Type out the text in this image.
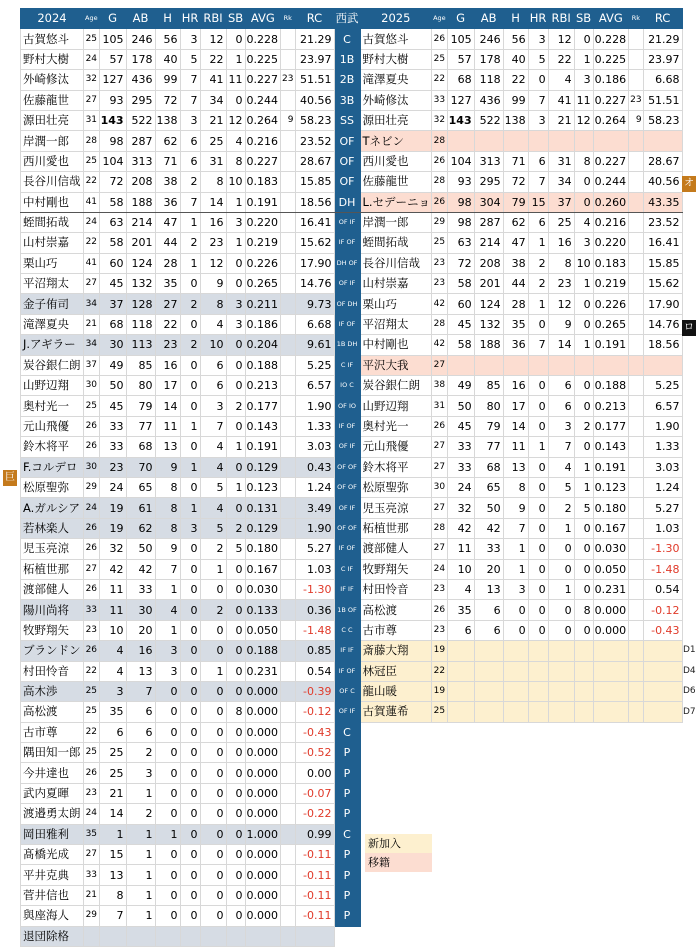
2024	Age	G	AB	H	HR	RBI	SB	AVG	Rk	RC	西武	2025	Age	G	AB	H	HR	RBI	SB	AVG	Rk	RC
古賀悠斗	25	105	246	56	3	12	0	0.228		21.29	C	古賀悠斗	26	105	246	56	3	12	0	0.228		21.29
野村大樹	24	57	178	40	5	22	1	0.225		23.97	1B	野村大樹	25	57	178	40	5	22	1	0.225		23.97
外崎修汰	32	127	436	99	7	41	11	0.227	23	51.51	2B	滝澤夏央	22	68	118	22	0	4	3	0.186		6.68
佐藤龍世	27	93	295	72	7	34	0	0.244		40.56	3B	外崎修汰	33	127	436	99	7	41	11	0.227	23	51.51
源田壮亮	31	143	522	138	3	21	12	0.264	9	58.23	SS	源田壮亮	32	143	522	138	3	21	12	0.264	9	58.23
岸潤一郎	28	98	287	62	6	25	4	0.216		23.52	OF	Tネビン	28									
西川愛也	25	104	313	71	6	31	8	0.227		28.67	OF	西川愛也	26	104	313	71	6	31	8	0.227		28.67
長谷川信哉	22	72	208	38	2	8	10	0.183		15.85	OF	佐藤龍世	28	93	295	72	7	34	0	0.244		40.56
中村剛也	41	58	188	36	7	14	1	0.191		18.56	DH	L.セデーニョ	26	98	304	79	15	37	0	0.260		43.35
蛭間拓哉	24	63	214	47	1	16	3	0.220		16.41	OF IF	岸潤一郎	29	98	287	62	6	25	4	0.216		23.52
山村崇嘉	22	58	201	44	2	23	1	0.219		15.62	IF OF	蛭間拓哉	25	63	214	47	1	16	3	0.220		16.41
栗山巧	41	60	124	28	1	12	0	0.226		17.90	DH OF	長谷川信哉	23	72	208	38	2	8	10	0.183		15.85
平沼翔太	27	45	132	35	0	9	0	0.265		14.76	OF IF	山村崇嘉	23	58	201	44	2	23	1	0.219		15.62
金子侑司	34	37	128	27	2	8	3	0.211		9.73	OF DH	栗山巧	42	60	124	28	1	12	0	0.226		17.90
滝澤夏央	21	68	118	22	0	4	3	0.186		6.68	IF OF	平沼翔太	28	45	132	35	0	9	0	0.265		14.76
J.アギラー	34	30	113	23	2	10	0	0.204		9.61	1B DH	中村剛也	42	58	188	36	7	14	1	0.191		18.56
炭谷銀仁朗	37	49	85	16	0	6	0	0.188		5.25	C IF	平沢大我	27									
山野辺翔	30	50	80	17	0	6	0	0.213		6.57	IO C	炭谷銀仁朗	38	49	85	16	0	6	0	0.188		5.25
奥村光一	25	45	79	14	0	3	2	0.177		1.90	OF IO	山野辺翔	31	50	80	17	0	6	0	0.213		6.57
元山飛優	26	33	77	11	1	7	0	0.143		1.33	IF OF	奥村光一	26	45	79	14	0	3	2	0.177		1.90
鈴木将平	26	33	68	13	0	4	1	0.191		3.03	OF IF	元山飛優	27	33	77	11	1	7	0	0.143		1.33
F.コルデロ	30	23	70	9	1	4	0	0.129		0.43	OF OF	鈴木将平	27	33	68	13	0	4	1	0.191		3.03
松原聖弥	29	24	65	8	0	5	1	0.123		1.24	OF OF	松原聖弥	30	24	65	8	0	5	1	0.123		1.24
A.ガルシア	24	19	61	8	1	4	0	0.131		3.49	OF IF	児玉亮涼	27	32	50	9	0	2	5	0.180		5.27
若林楽人	26	19	62	8	3	5	2	0.129		1.90	OF OF	柘植世那	28	42	42	7	0	1	0	0.167		1.03
児玉亮涼	26	32	50	9	0	2	5	0.180		5.27	IF OF	渡部健人	27	11	33	1	0	0	0	0.030		-1.30
柘植世那	27	42	42	7	0	1	0	0.167		1.03	C IF	牧野翔矢	24	10	20	1	0	0	0	0.050		-1.48
渡部健人	26	11	33	1	0	0	0	0.030		-1.30	IF IF	村田怜音	23	4	13	3	0	1	0	0.231		0.54
陽川尚将	33	11	30	4	0	2	0	0.133		0.36	1B OF	高松渡	26	35	6	0	0	0	8	0.000		-0.12
牧野翔矢	23	10	20	1	0	0	0	0.050		-1.48	C C	古市尊	23	6	6	0	0	0	0	0.000		-0.43
ブランドン	26	4	16	3	0	0	0	0.188		0.85	IF IF	斎藤大翔	19									
村田怜音	22	4	13	3	0	1	0	0.231		0.54	IF OF	林冠臣	22									
高木渉	25	3	7	0	0	0	0	0.000		-0.39	OF C	龍山暖	19									
高松渡	25	35	6	0	0	0	8	0.000		-0.12	OF IF	古賀蓮希	25									
古市尊	22	6	6	0	0	0	0	0.000		-0.43	C											
隅田知一郎	25	25	2	0	0	0	0	0.000		-0.52	P											
今井達也	26	25	3	0	0	0	0	0.000		0.00	P											
武内夏暉	23	21	1	0	0	0	0	0.000		-0.07	P											
渡邉勇太朗	24	14	2	0	0	0	0	0.000		-0.22	P											
岡田雅利	35	1	1	1	0	0	0	1.000		0.99	C											
髙橋光成	27	15	1	0	0	0	0	0.000		-0.11	P											
平井克典	33	13	1	0	0	0	0	0.000		-0.11	P											
菅井信也	21	8	1	0	0	0	0	0.000		-0.11	P											
與座海人	29	7	1	0	0	0	0	0.000		-0.11	P											
退団除格																						
巨
オ
ロ
D1
D4
D6
D7
新加入
移籍
